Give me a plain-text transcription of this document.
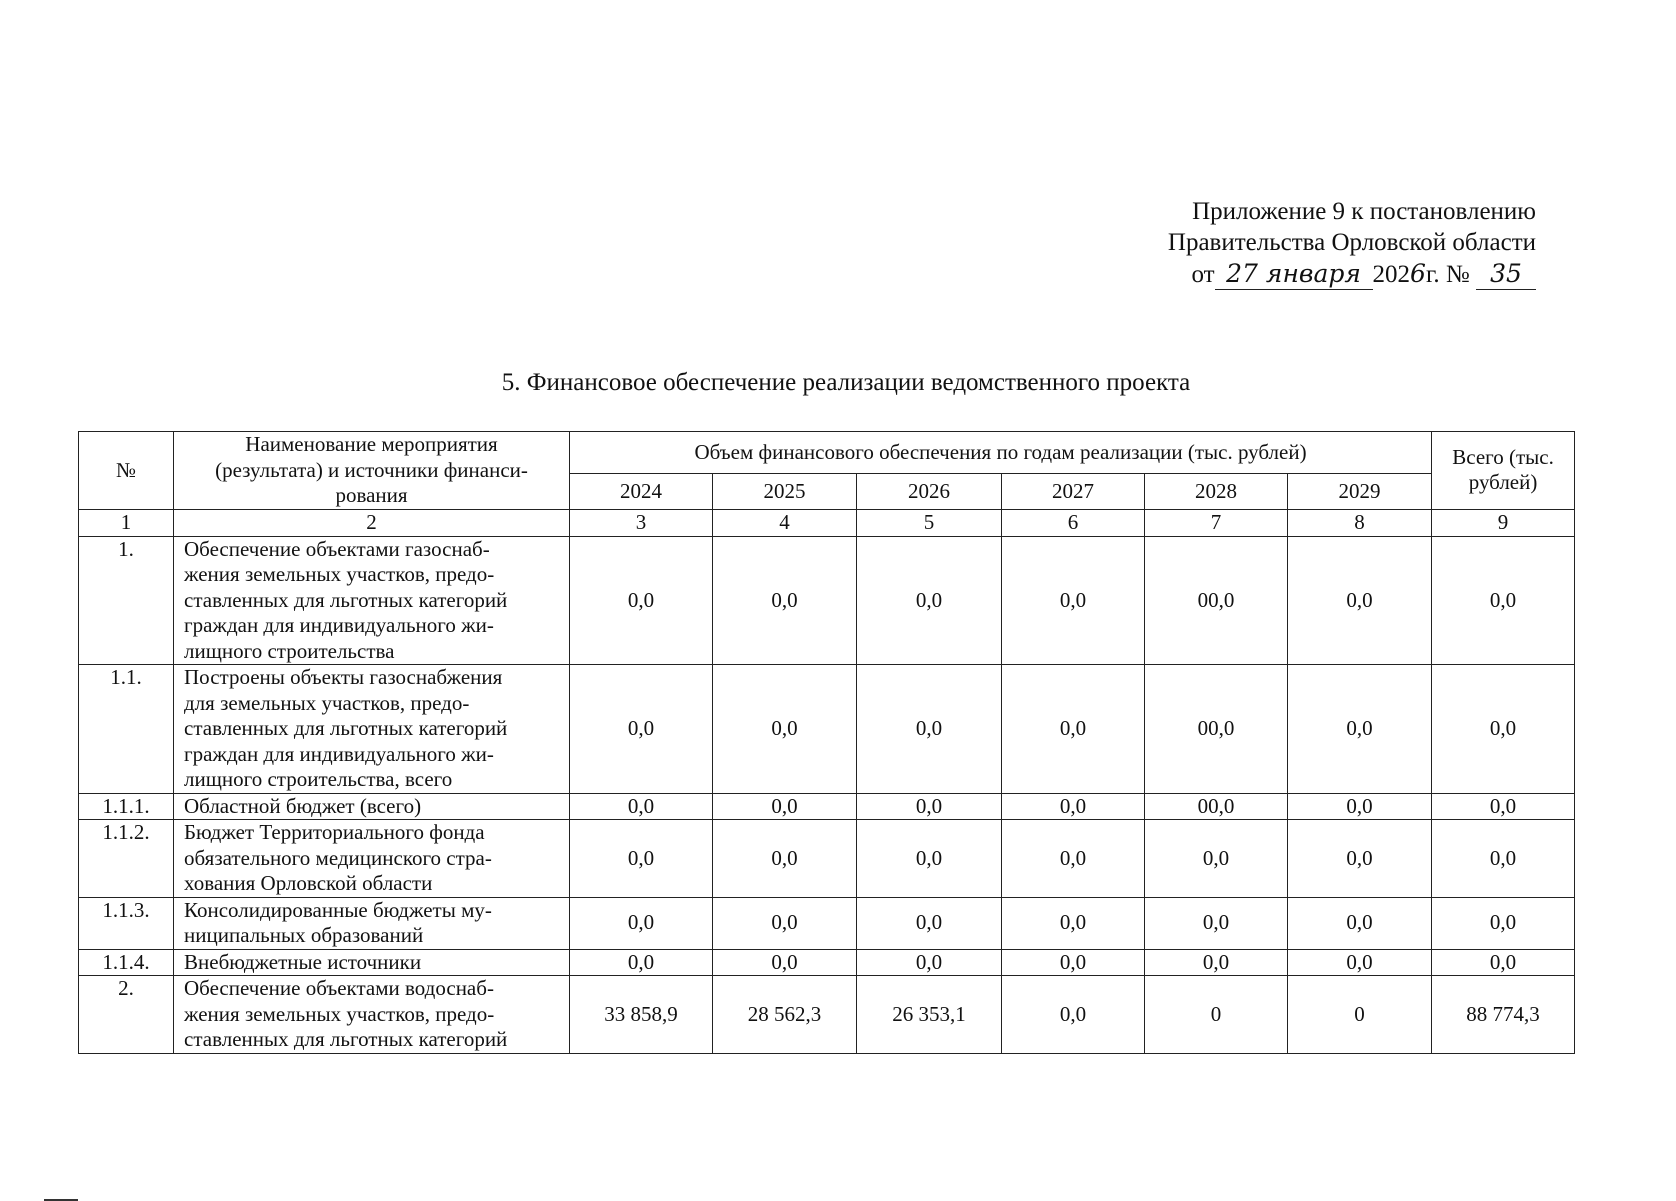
Приложение 9 к постановлению
Правительства Орловской области
от 27 января 2026г. № 35
5. Финансовое обеспечение реализации ведомственного проекта
№	Наименование мероприятия
(результата) и источники финанси-
рования	Объем финансового обеспечения по годам реализации (тыс. рублей)						Всего (тыс.
рублей)

		2024	2025	2026	2027	2028	2029	
1	2	3	4	5	6	7	8	9
1.	Обеспечение объектами газоснаб-
жения земельных участков, предо-
ставленных для льготных категорий
граждан для индивидуального жи-
лищного строительства	0,0	0,0	0,0	0,0	00,0	0,0	0,0
1.1.	Построены объекты газоснабжения
для земельных участков, предо-
ставленных для льготных категорий
граждан для индивидуального жи-
лищного строительства, всего	0,0	0,0	0,0	0,0	00,0	0,0	0,0
1.1.1.	Областной бюджет (всего)	0,0	0,0	0,0	0,0	00,0	0,0	0,0
1.1.2.	Бюджет Территориального фонда
обязательного медицинского стра-
хования Орловской области	0,0	0,0	0,0	0,0	0,0	0,0	0,0
1.1.3.	Консолидированные бюджеты му-
ниципальных образований	0,0	0,0	0,0	0,0	0,0	0,0	0,0
1.1.4.	Внебюджетные источники	0,0	0,0	0,0	0,0	0,0	0,0	0,0
2.	Обеспечение объектами водоснаб-
жения земельных участков, предо-
ставленных для льготных категорий	33 858,9	28 562,3	26 353,1	0,0	0	0	88 774,3
